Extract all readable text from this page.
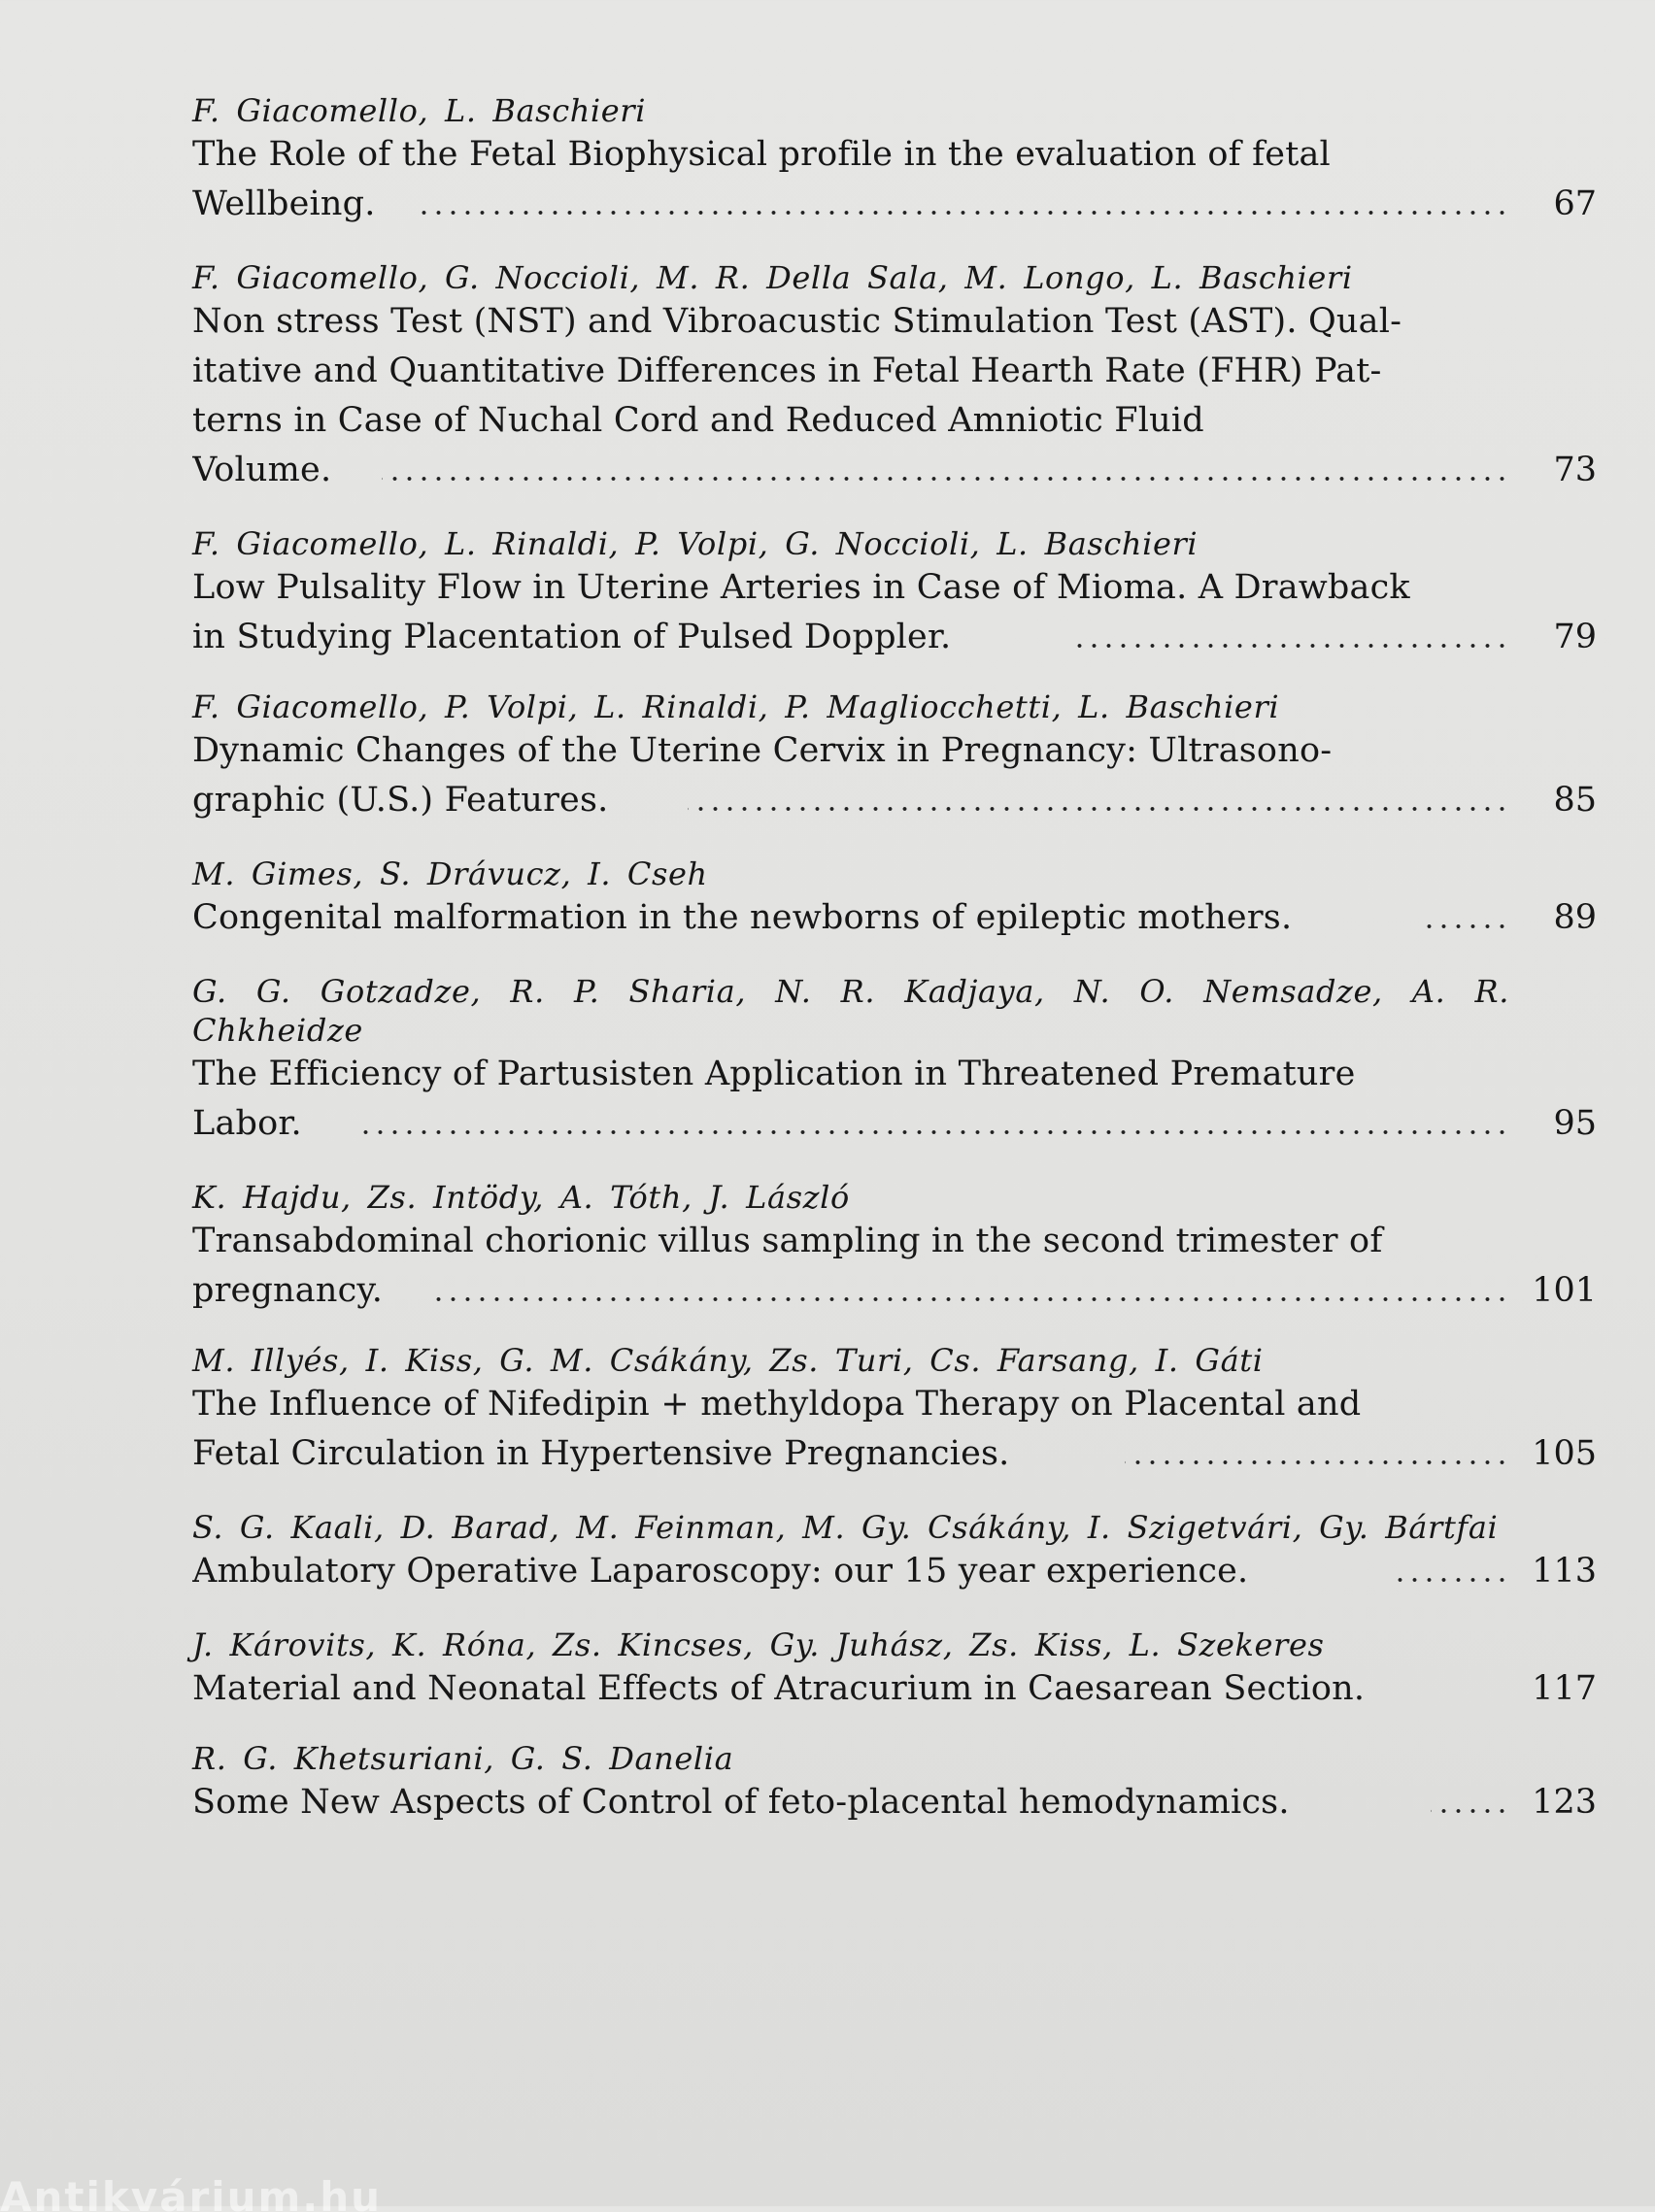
F. Giacomello, L. Baschieri
The Role of the Fetal Biophysical profile in the evaluation of fetal
Wellbeing.	67
F. Giacomello, G. Noccioli, M. R. Della Sala, M. Longo, L. Baschieri
Non stress Test (NST) and Vibroacustic Stimulation Test (AST). Qual-
itative and Quantitative Differences in Fetal Hearth Rate (FHR) Pat-
terns in Case of Nuchal Cord and Reduced Amniotic Fluid
Volume.	73
F. Giacomello, L. Rinaldi, P. Volpi, G. Noccioli, L. Baschieri
Low Pulsality Flow in Uterine Arteries in Case of Mioma. A Drawback
in Studying Placentation of Pulsed Doppler.	79
F. Giacomello, P. Volpi, L. Rinaldi, P. Magliocchetti, L. Baschieri
Dynamic Changes of the Uterine Cervix in Pregnancy: Ultrasono-
graphic (U.S.) Features.	85
M. Gimes, S. Drávucz, I. Cseh
Congenital malformation in the newborns of epileptic mothers.	89
G. G. Gotzadze, R. P. Sharia, N. R. Kadjaya, N. O. Nemsadze, A. R. Chkheidze
The Efficiency of Partusisten Application in Threatened Premature
Labor.	95
K. Hajdu, Zs. Intödy, A. Tóth, J. László
Transabdominal chorionic villus sampling in the second trimester of
pregnancy.	101
M. Illyés, I. Kiss, G. M. Csákány, Zs. Turi, Cs. Farsang, I. Gáti
The Influence of Nifedipin + methyldopa Therapy on Placental and
Fetal Circulation in Hypertensive Pregnancies.	105
S. G. Kaali, D. Barad, M. Feinman, M. Gy. Csákány, I. Szigetvári, Gy. Bártfai
Ambulatory Operative Laparoscopy: our 15 year experience.	113
J. Károvits, K. Róna, Zs. Kincses, Gy. Juhász, Zs. Kiss, L. Szekeres
Material and Neonatal Effects of Atracurium in Caesarean Section.	117
R. G. Khetsuriani, G. S. Danelia
Some New Aspects of Control of feto-placental hemodynamics.	123
Antikvárium.hu
